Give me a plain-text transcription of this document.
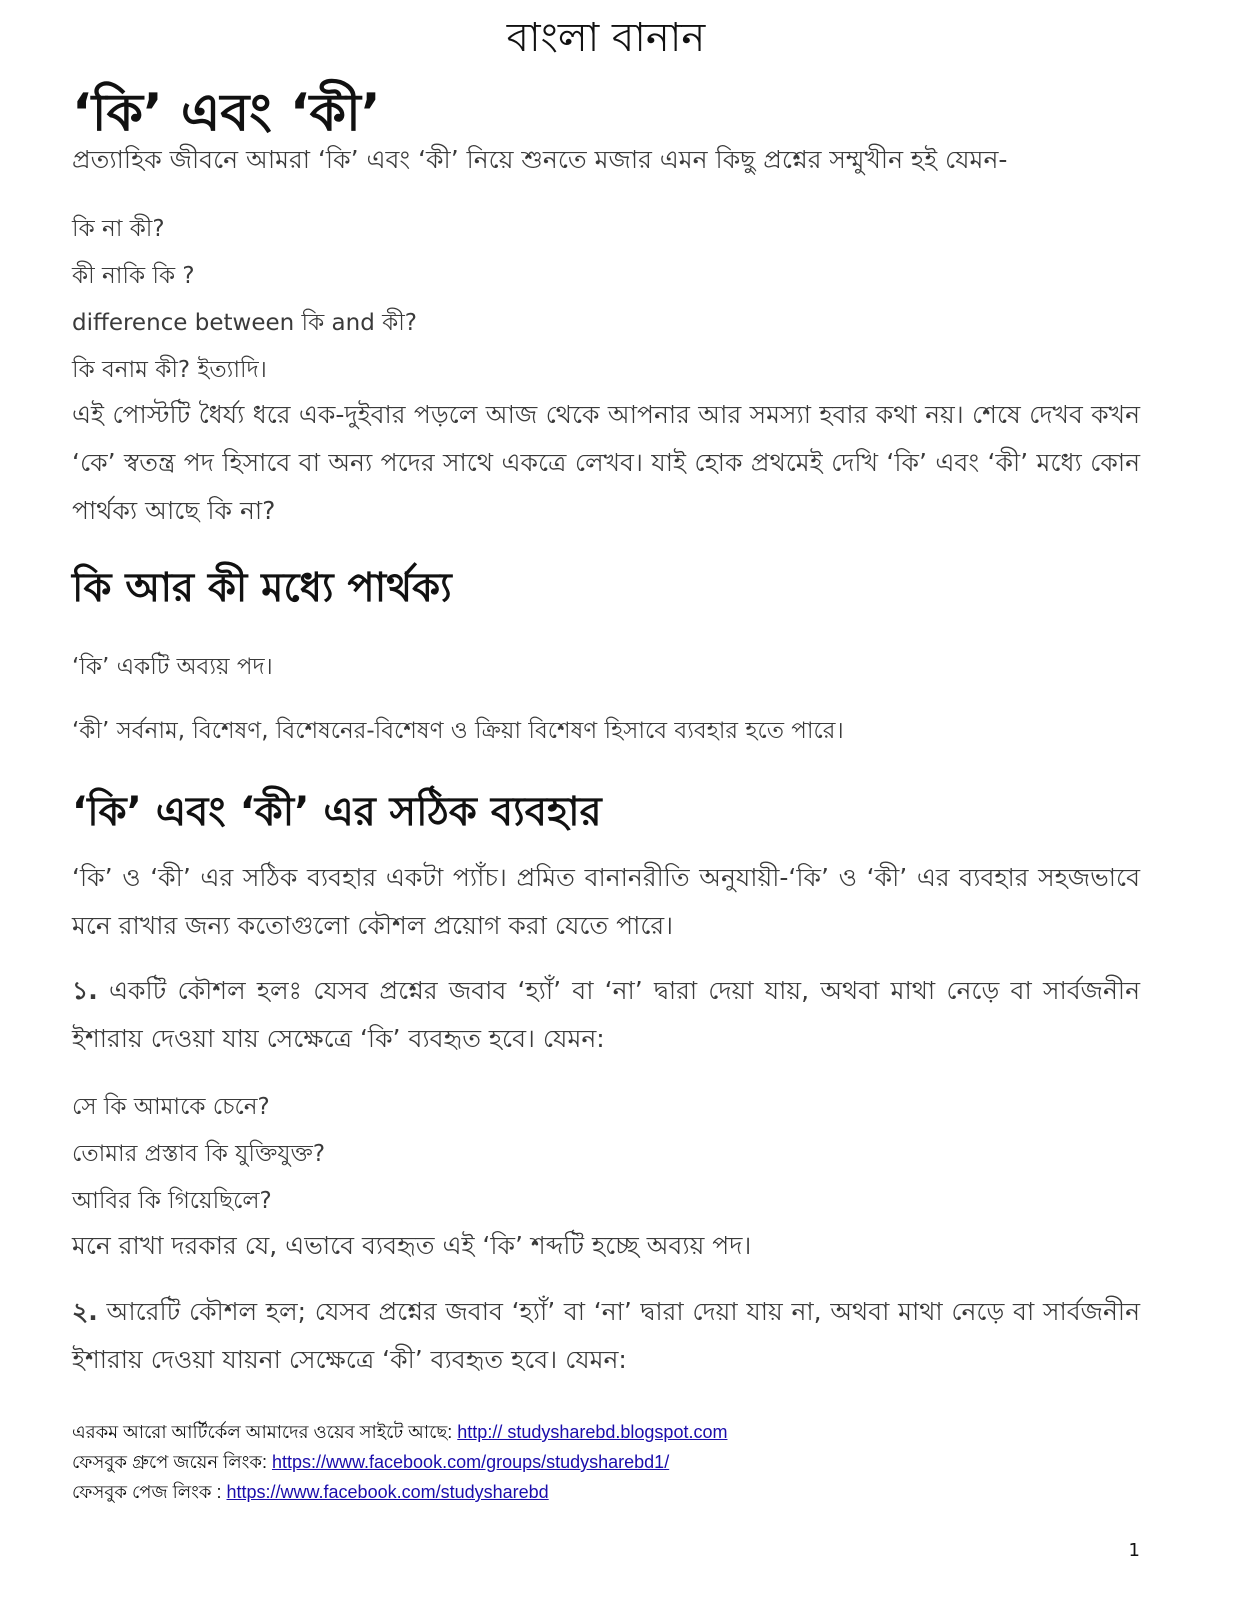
বাংলা বানান
‘কি’ এবং ‘কী’
প্রত্যাহিক জীবনে আমরা ‘কি’ এবং ‘কী’ নিয়ে শুনতে মজার এমন কিছু প্রশ্নের সম্মুখীন হই যেমন-
কি না কী?
কী নাকি কি ?
difference between কি and কী?
কি বনাম কী? ইত্যাদি।
এই পোস্টটি ধৈর্য্য ধরে এক-দুইবার পড়লে আজ থেকে আপনার আর সমস্যা হবার কথা নয়। শেষে দেখব কখন ‘কে’ স্বতন্ত্র পদ হিসাবে বা অন্য পদের সাথে একত্রে লেখব। যাই হোক প্রথমেই দেখি ‘কি’ এবং ‘কী’ মধ্যে কোন পার্থক্য আছে কি না?
কি আর কী মধ্যে পার্থক্য
‘কি’ একটি অব্যয় পদ।
‘কী’ সর্বনাম, বিশেষণ, বিশেষনের-বিশেষণ ও ক্রিয়া বিশেষণ হিসাবে ব্যবহার হতে পারে।
‘কি’ এবং ‘কী’ এর সঠিক ব্যবহার
‘কি’ ও ‘কী’ এর সঠিক ব্যবহার একটা প্যাঁচ। প্রমিত বানানরীতি অনুযায়ী-‘কি’ ও ‘কী’ এর ব্যবহার সহজভাবে মনে রাখার জন্য কতোগুলো কৌশল প্রয়োগ করা যেতে পারে।
১. একটি কৌশল হলঃ যেসব প্রশ্নের জবাব ‘হ্যাঁ’ বা ‘না’ দ্বারা দেয়া যায়, অথবা মাথা নেড়ে বা সার্বজনীন ইশারায় দেওয়া যায় সেক্ষেত্রে ‘কি’ ব্যবহৃত হবে। যেমন:
সে কি আমাকে চেনে?
তোমার প্রস্তাব কি যুক্তিযুক্ত?
আবির কি গিয়েছিলে?
মনে রাখা দরকার যে, এভাবে ব্যবহৃত এই ‘কি’ শব্দটি হচ্ছে অব্যয় পদ।
২. আরেটি কৌশল হল; যেসব প্রশ্নের জবাব ‘হ্যাঁ’ বা ‘না’ দ্বারা দেয়া যায় না, অথবা মাথা নেড়ে বা সার্বজনীন ইশারায় দেওয়া যায়না সেক্ষেত্রে ‘কী’ ব্যবহৃত হবে। যেমন:
এরকম আরো আর্টির্কেল আমাদের ওয়েব সাইটে আছে: http:// studysharebd.blogspot.com
ফেসবুক গ্রুপে জয়েন লিংক: https://www.facebook.com/groups/studysharebd1/
ফেসবুক পেজ লিংক : https://www.facebook.com/studysharebd
1
